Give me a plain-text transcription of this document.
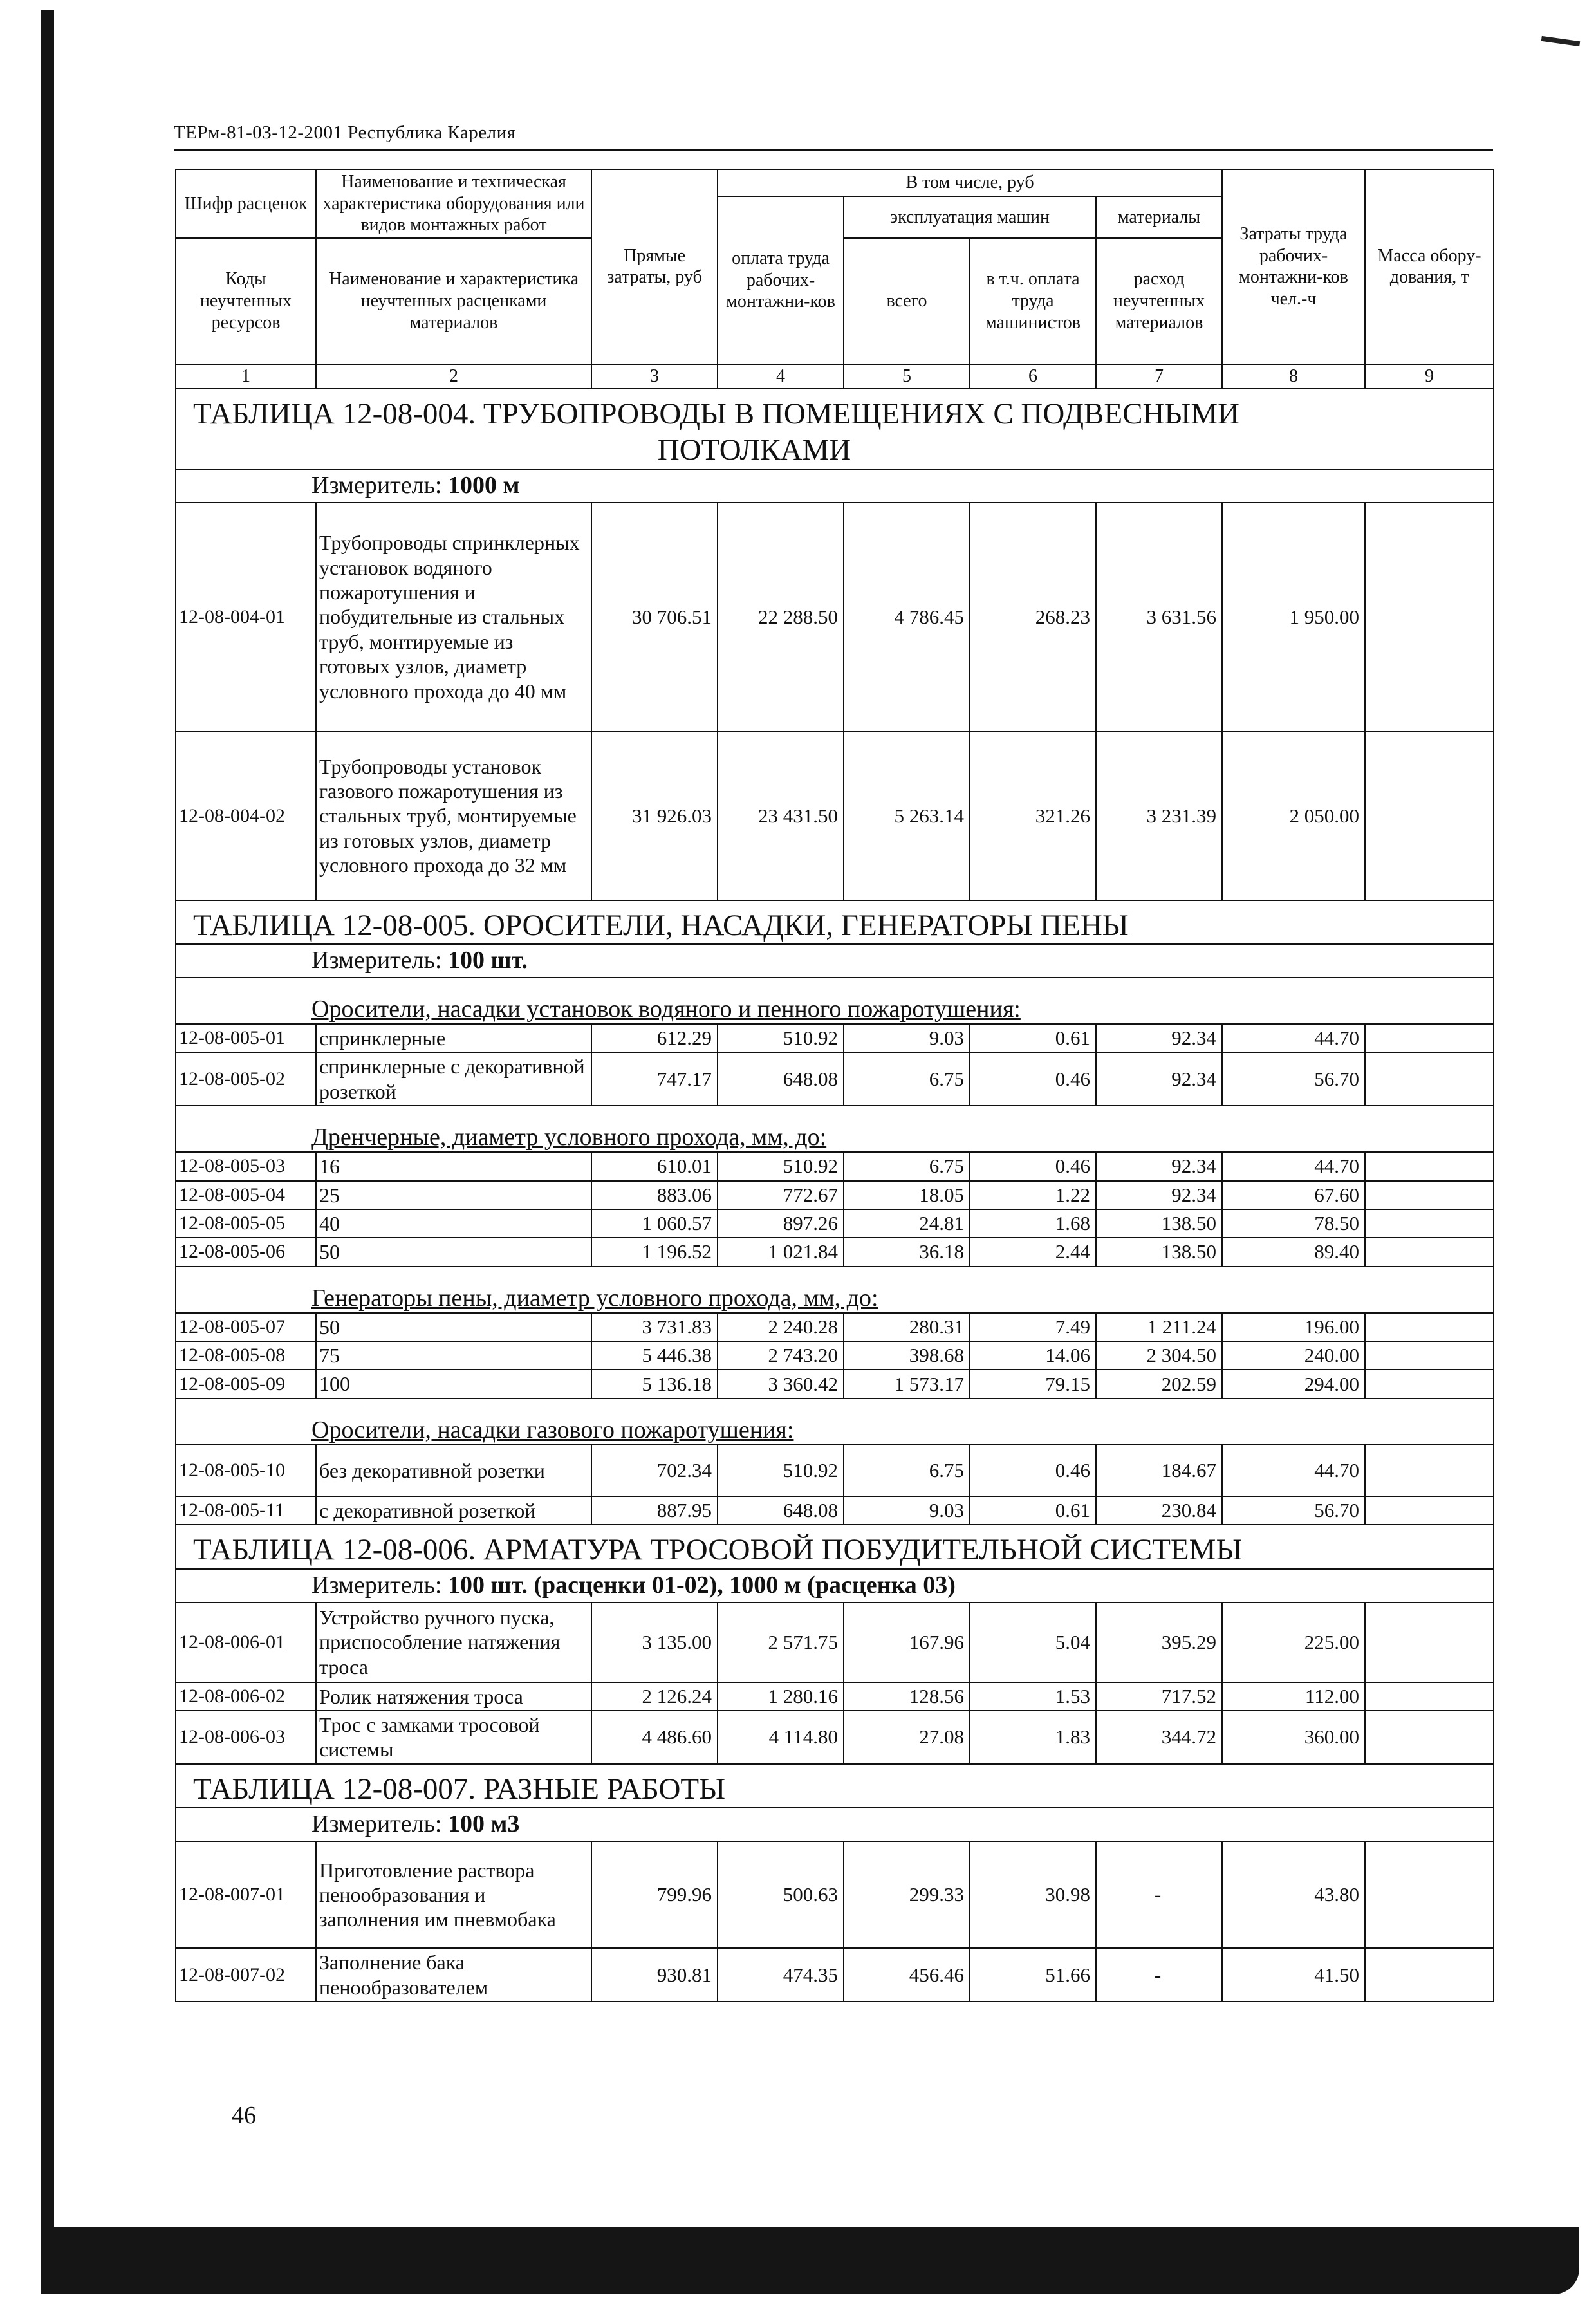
ТЕРм-81-03-12-2001 Республика Карелия
Шифр расценок	Наименование и техническая характеристика оборудования или видов монтажных работ	Прямые затраты, руб	В том числе, руб				Затраты труда рабочих-монтажни-ков чел.-ч	Масса обору-дования, т
			оплата труда рабочих-монтажни-ков	эксплуатация машин		материалы		
Коды неучтенных ресурсов	Наименование и характеристика неучтенных расценками материалов			всего	в т.ч. оплата труда машинистов	расход неучтенных материалов		

1	2	3	4	5	6	7	8	9
ТАБЛИЦА 12-08-004. ТРУБОПРОВОДЫ В ПОМЕЩЕНИЯХ С ПОДВЕСНЫМИ
ПОТОЛКАМИ								

Измеритель: 1000 м								
12-08-004-01	Трубопроводы спринклерных установок водяного пожаротушения и побудительные из стальных труб, монтируемые из готовых узлов, диаметр условного прохода до 40 мм	30 706.51	22 288.50	4 786.45	268.23	3 631.56	1 950.00	
12-08-004-02	Трубопроводы установок газового пожаротушения из стальных труб, монтируемые из готовых узлов, диаметр условного прохода до 32 мм	31 926.03	23 431.50	5 263.14	321.26	3 231.39	2 050.00	
ТАБЛИЦА 12-08-005. ОРОСИТЕЛИ, НАСАДКИ, ГЕНЕРАТОРЫ ПЕНЫ								
Измеритель: 100 шт.								
Оросители, насадки установок водяного и пенного пожаротушения:								
12-08-005-01	спринклерные	612.29	510.92	9.03	0.61	92.34	44.70	
12-08-005-02	спринклерные с декоративной розеткой	747.17	648.08	6.75	0.46	92.34	56.70	
Дренчерные, диаметр условного прохода, мм, до:								
12-08-005-03	16	610.01	510.92	6.75	0.46	92.34	44.70	
12-08-005-04	25	883.06	772.67	18.05	1.22	92.34	67.60	
12-08-005-05	40	1 060.57	897.26	24.81	1.68	138.50	78.50	
12-08-005-06	50	1 196.52	1 021.84	36.18	2.44	138.50	89.40	
Генераторы пены, диаметр условного прохода, мм, до:								
12-08-005-07	50	3 731.83	2 240.28	280.31	7.49	1 211.24	196.00	
12-08-005-08	75	5 446.38	2 743.20	398.68	14.06	2 304.50	240.00	
12-08-005-09	100	5 136.18	3 360.42	1 573.17	79.15	202.59	294.00	
Оросители, насадки газового пожаротушения:								
12-08-005-10	без декоративной розетки	702.34	510.92	6.75	0.46	184.67	44.70	
12-08-005-11	с декоративной розеткой	887.95	648.08	9.03	0.61	230.84	56.70	
ТАБЛИЦА 12-08-006. АРМАТУРА ТРОСОВОЙ ПОБУДИТЕЛЬНОЙ СИСТЕМЫ								
Измеритель: 100 шт. (расценки 01-02), 1000 м (расценка 03)								
12-08-006-01	Устройство ручного пуска, приспособление натяжения троса	3 135.00	2 571.75	167.96	5.04	395.29	225.00	
12-08-006-02	Ролик натяжения троса	2 126.24	1 280.16	128.56	1.53	717.52	112.00	
12-08-006-03	Трос с замками тросовой системы	4 486.60	4 114.80	27.08	1.83	344.72	360.00	
ТАБЛИЦА 12-08-007. РАЗНЫЕ РАБОТЫ								
Измеритель: 100 м3								
12-08-007-01	Приготовление раствора пенообразования и заполнения им пневмобака	799.96	500.63	299.33	30.98	-	43.80	
12-08-007-02	Заполнение бака пенообразователем	930.81	474.35	456.46	51.66	-	41.50	
46
